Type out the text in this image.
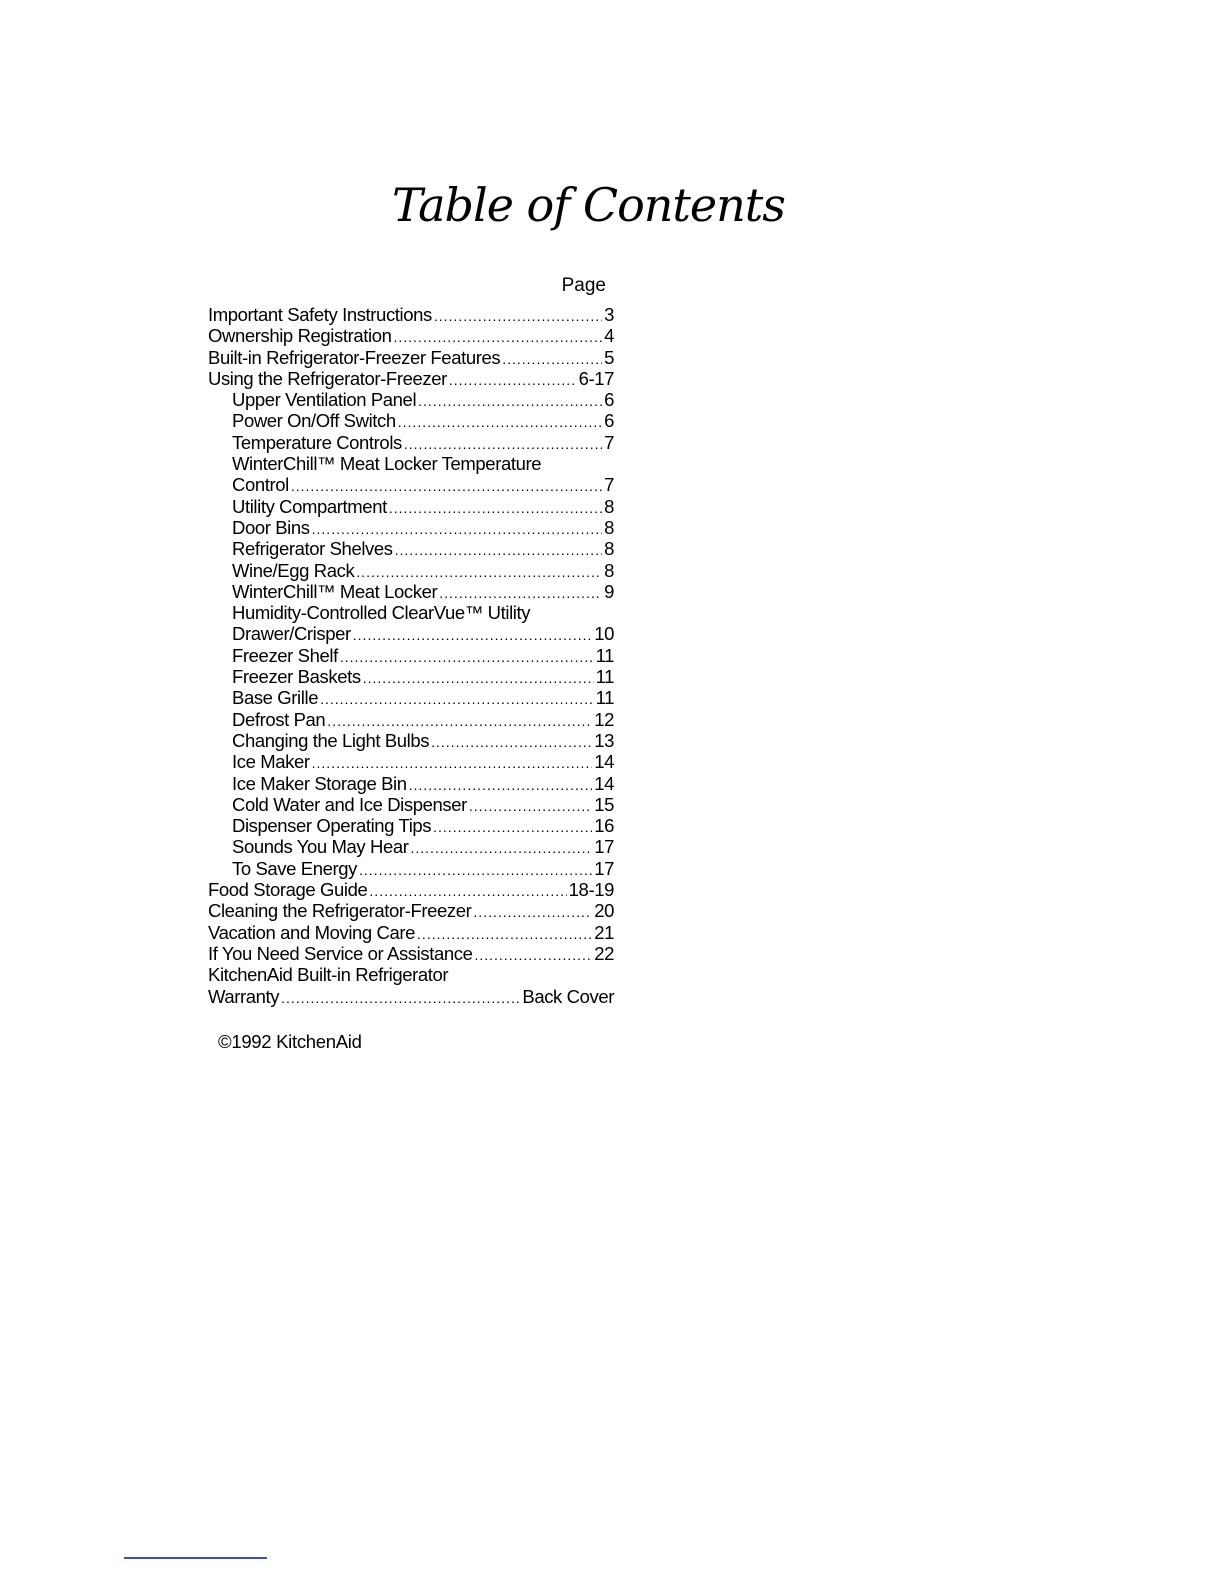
Table of Contents
Page
Important Safety Instructions .....	3
Ownership Registration .....	4
Built-in Refrigerator-Freezer Features .....	5
Using the Refrigerator-Freezer .....	6-17
Upper Ventilation Panel .....	6
Power On/Off Switch .....	6
Temperature Controls .....	7
WinterChill™ Meat Locker Temperature
Control .....	7
Utility Compartment .....	8
Door Bins .....	8
Refrigerator Shelves .....	8
Wine/Egg Rack .....	8
WinterChill™ Meat Locker .....	9
Humidity-Controlled ClearVue™ Utility
Drawer/Crisper .....	10
Freezer Shelf .....	11
Freezer Baskets .....	11
Base Grille .....	11
Defrost Pan .....	12
Changing the Light Bulbs .....	13
Ice Maker .....	14
Ice Maker Storage Bin .....	14
Cold Water and Ice Dispenser .....	15
Dispenser Operating Tips .....	16
Sounds You May Hear .....	17
To Save Energy .....	17
Food Storage Guide .....	18-19
Cleaning the Refrigerator-Freezer .....	20
Vacation and Moving Care .....	21
If You Need Service or Assistance .....	22
KitchenAid Built-in Refrigerator
Warranty .....	Back Cover
©1992 KitchenAid
